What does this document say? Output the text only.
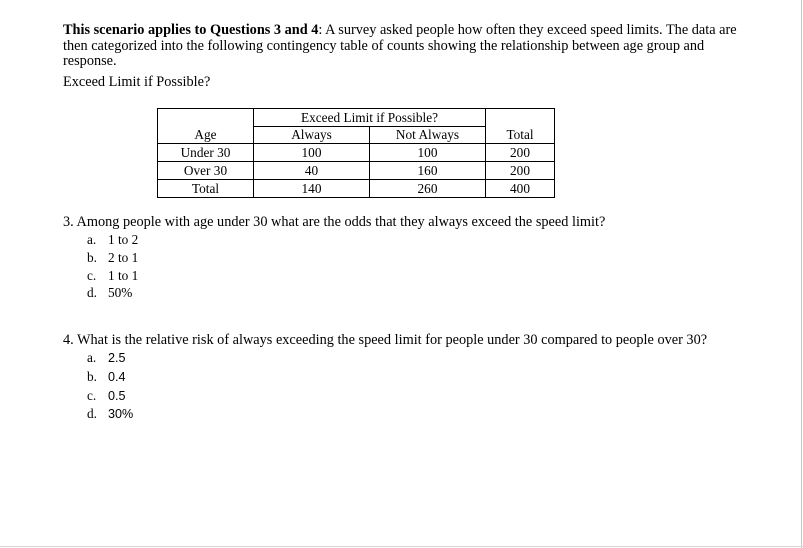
This scenario applies to Questions 3 and 4: A survey asked people how often they exceed speed limits. The data are then categorized into the following contingency table of counts showing the relationship between age group and response.
Exceed Limit if Possible?
	Exceed Limit if Possible?		
Age	Always	Not Always	Total
Under 30	100	100	200
Over 30	40	160	200
Total	140	260	400
3. Among people with age under 30 what are the odds that they always exceed the speed limit?
a. 1 to 2
b. 2 to 1
c. 1 to 1
d. 50%
4. What is the relative risk of always exceeding the speed limit for people under 30 compared to people over 30?
a. 2.5
b. 0.4
c. 0.5
d. 30%
